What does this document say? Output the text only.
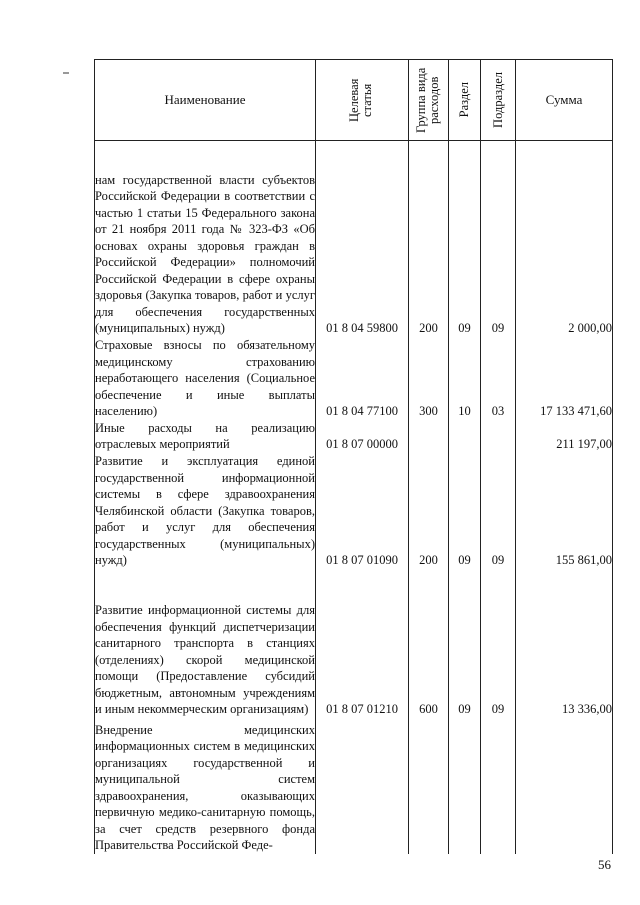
Наименование	Целевая статья	Группа вида расходов	Раздел	Подраздел	Сумма

нам государственной власти субъектов Российской Федерации в соответствии с частью 1 статьи 15 Федерального закона от 21 ноября 2011 года № 323-ФЗ «Об основах охраны здоровья граждан в Российской Федерации» полномочий Российской Федерации в сфере охраны здоровья (Закупка товаров, работ и услуг для обеспечения государственных (муниципальных) нужд)	01 8 04 59800	200	09	09	2 000,00
Страховые взносы по обязательному медицинскому страхованию неработающего населения (Социальное обеспечение и иные выплаты населению)	01 8 04 77100	300	10	03	17 133 471,60
Иные расходы на реализацию отраслевых мероприятий	01 8 07 00000				211 197,00
Развитие и эксплуатация единой государственной информационной системы в сфере здравоохранения Челябинской области (Закупка товаров, работ и услуг для обеспечения государственных (муниципальных) нужд)	01 8 07 01090	200	09	09	155 861,00
Развитие информационной системы для обеспечения функций диспетчеризации санитарного транспорта в станциях (отделениях) скорой медицинской помощи (Предоставление субсидий бюджетным, автономным учреждениям и иным некоммерческим организациям)	01 8 07 01210	600	09	09	13 336,00
Внедрение медицинских информационных систем в медицинских организациях государственной и муниципальной систем здравоохранения, оказывающих первичную медико-санитарную помощь, за счет средств резервного фонда Правительства Российской Феде-					
56
